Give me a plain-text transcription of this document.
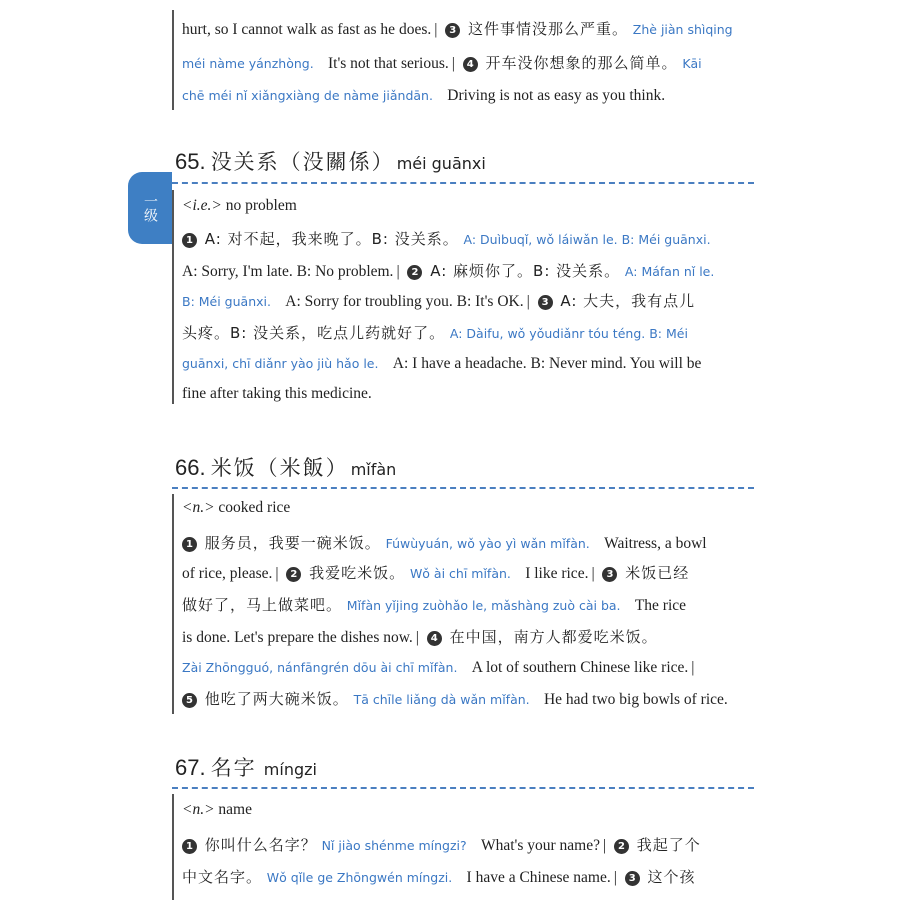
一级
hurt, so I cannot walk as fast as he does. | 3 这件事情没那么严重。 Zhè jiàn shìqing
méi nàme yánzhòng. It's not that serious. | 4 开车没你想象的那么简单。 Kāi
chē méi nǐ xiǎngxiàng de nàme jiǎndān. Driving is not as easy as you think.
65. 没关系（没關係） méi guānxi
<i.e.> no problem
1 A: 对不起，我来晚了。B: 没关系。 A: Duìbuqǐ, wǒ láiwǎn le. B: Méi guānxi.
A: Sorry, I'm late. B: No problem. | 2 A: 麻烦你了。B: 没关系。 A: Máfan nǐ le.
B: Méi guānxi. A: Sorry for troubling you. B: It's OK. | 3 A: 大夫，我有点儿
头疼。B: 没关系，吃点儿药就好了。 A: Dàifu, wǒ yǒudiǎnr tóu téng. B: Méi
guānxi, chī diǎnr yào jiù hǎo le. A: I have a headache. B: Never mind. You will be
fine after taking this medicine.
66. 米饭（米飯） mǐfàn
<n.> cooked rice
1 服务员，我要一碗米饭。 Fúwùyuán, wǒ yào yì wǎn mǐfàn. Waitress, a bowl
of rice, please. | 2 我爱吃米饭。 Wǒ ài chī mǐfàn. I like rice. | 3 米饭已经
做好了，马上做菜吧。 Mǐfàn yǐjing zuòhǎo le, mǎshàng zuò cài ba. The rice
is done. Let's prepare the dishes now. | 4 在中国，南方人都爱吃米饭。
Zài Zhōngguó, nánfāngrén dōu ài chī mǐfàn. A lot of southern Chinese like rice. |
5 他吃了两大碗米饭。 Tā chīle liǎng dà wǎn mǐfàn. He had two big bowls of rice.
67. 名字 míngzi
<n.> name
1 你叫什么名字？ Nǐ jiào shénme míngzi? What's your name? | 2 我起了个
中文名字。 Wǒ qǐle ge Zhōngwén míngzi. I have a Chinese name. | 3 这个孩
